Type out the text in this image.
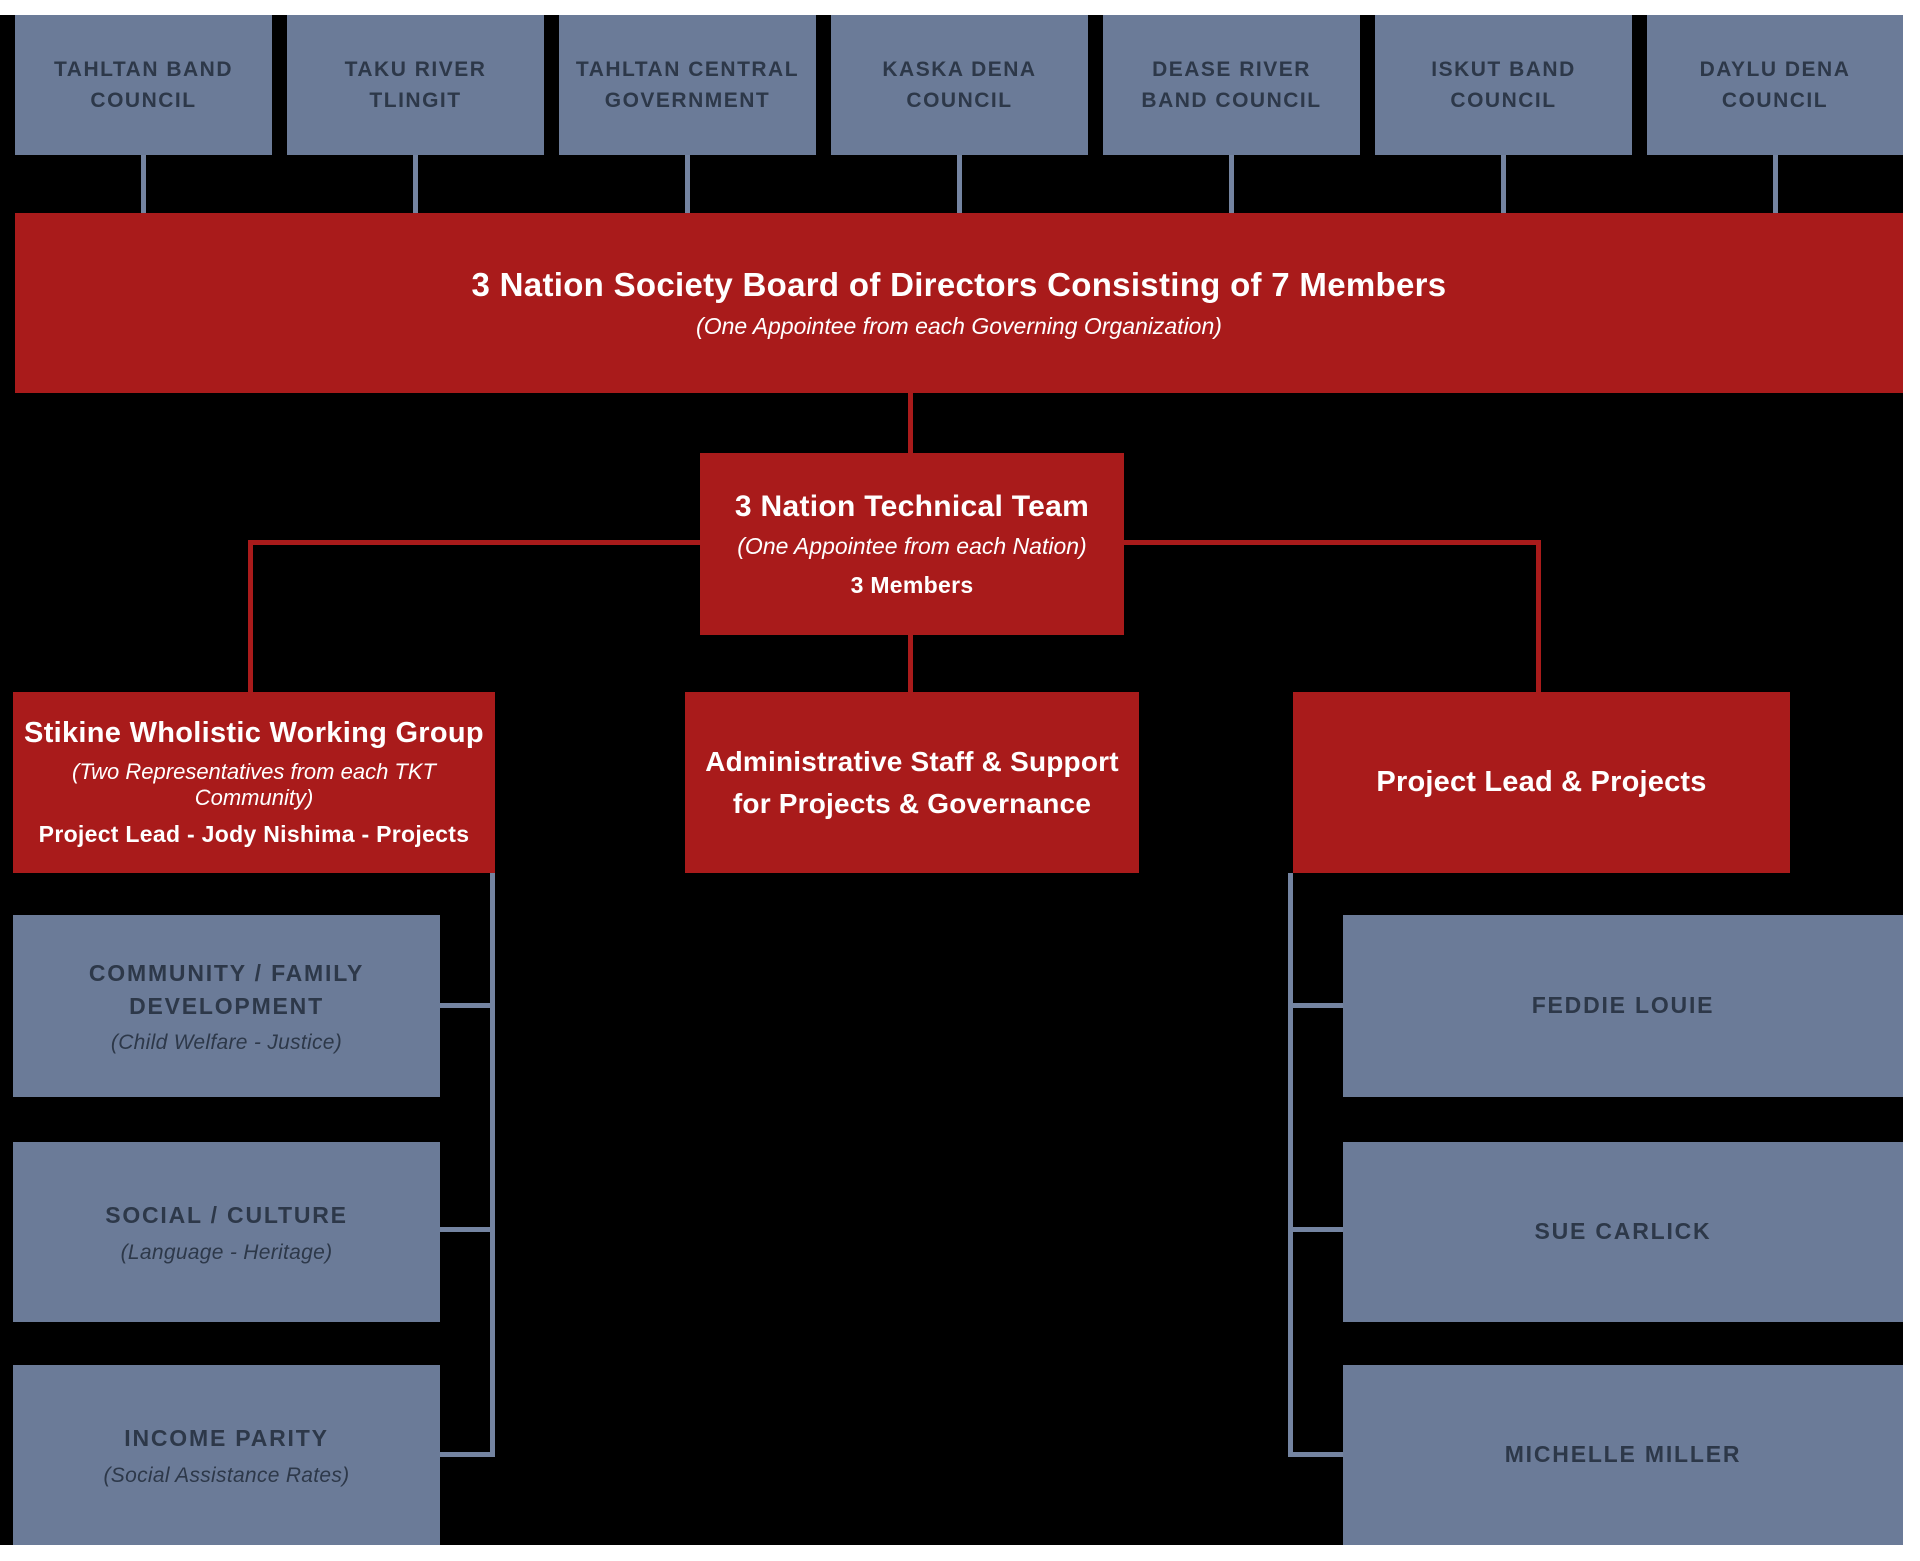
TAHLTAN BAND
COUNCIL
TAKU RIVER
TLINGIT
TAHLTAN CENTRAL
GOVERNMENT
KASKA DENA
COUNCIL
DEASE RIVER
BAND COUNCIL
ISKUT BAND
COUNCIL
DAYLU DENA
COUNCIL
3 Nation Society Board of Directors Consisting of 7 Members
(One Appointee from each Governing Organization)
3 Nation Technical Team
(One Appointee from each Nation)
3 Members
Stikine Wholistic Working Group
(Two Representatives from each TKT Community)
Project Lead - Jody Nishima - Projects
Administrative Staff & Support
for Projects & Governance
Project Lead & Projects
COMMUNITY / FAMILY DEVELOPMENT
(Child Welfare - Justice)
SOCIAL / CULTURE
(Language - Heritage)
INCOME PARITY
(Social Assistance Rates)
FEDDIE LOUIE
SUE CARLICK
MICHELLE MILLER
